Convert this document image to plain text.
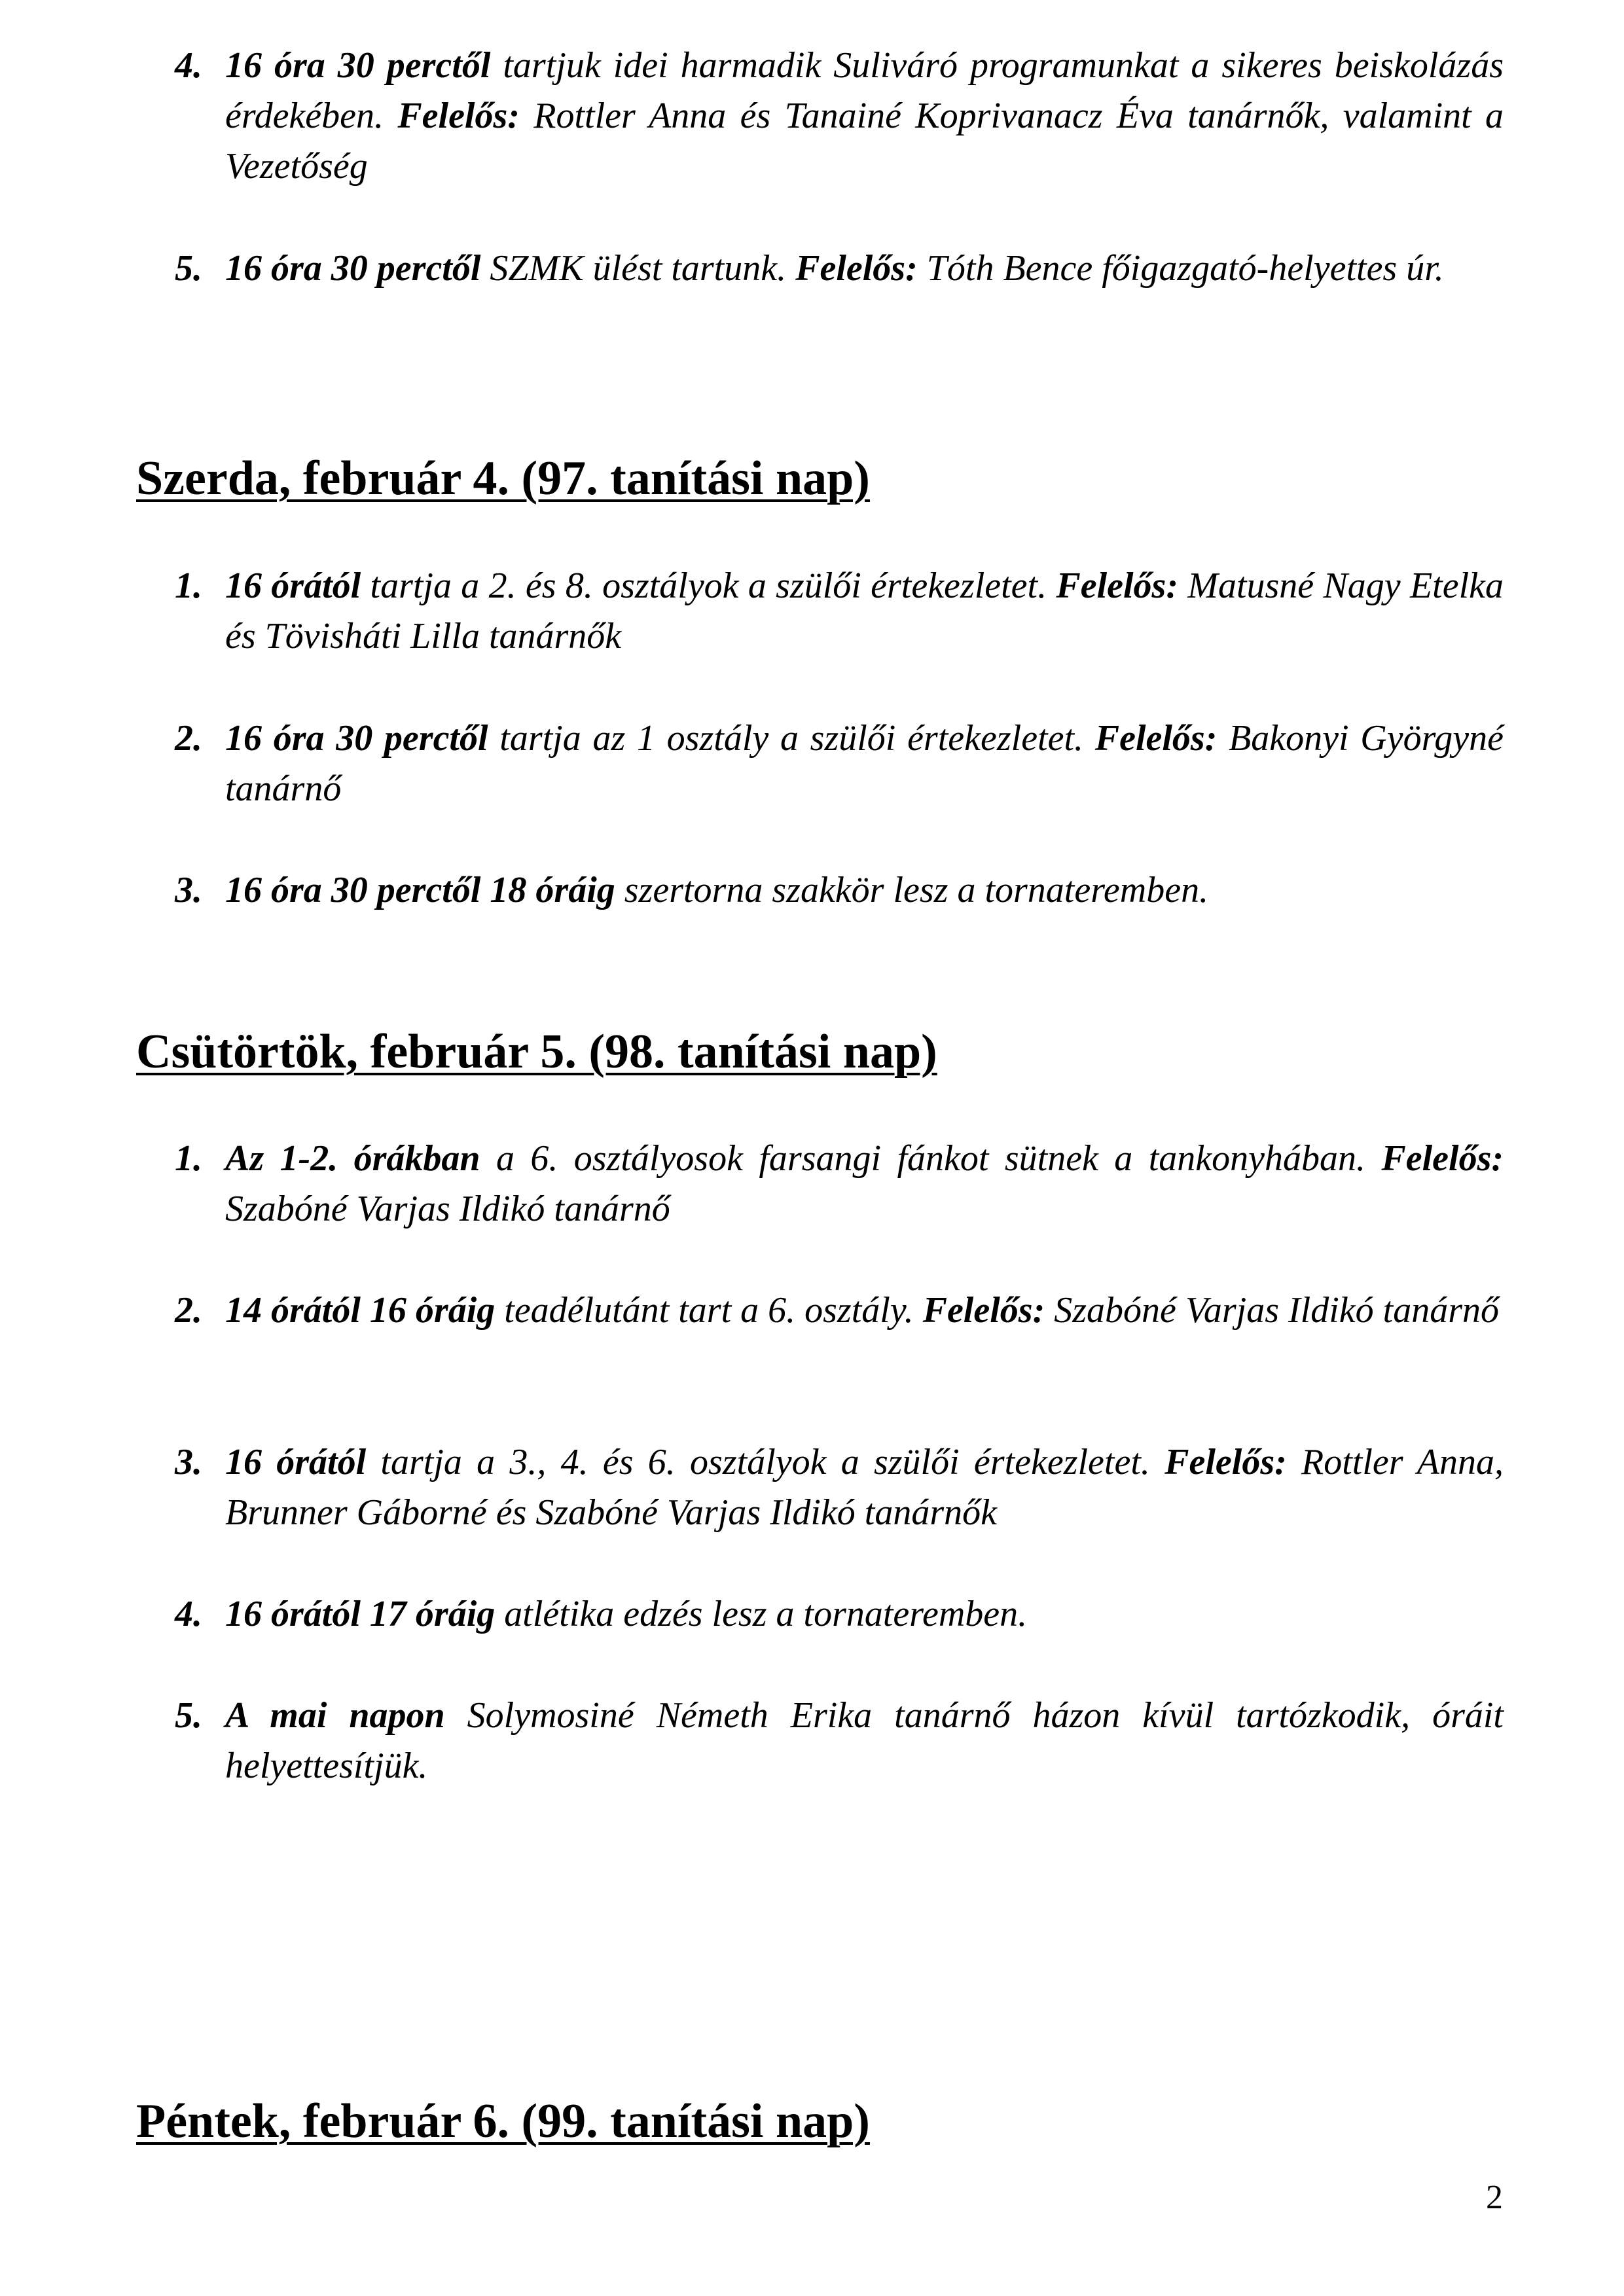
4. 16 óra 30 perctől tartjuk idei harmadik Suliváró programunkat a sikeres beiskolázás érdekében. Felelős: Rottler Anna és Tanainé Koprivanacz Éva tanárnők, valamint a Vezetőség
5. 16 óra 30 perctől SZMK ülést tartunk. Felelős: Tóth Bence főigazgató-helyettes úr.
Szerda, február 4. (97. tanítási nap)
1. 16 órától tartja a 2. és 8. osztályok a szülői értekezletet. Felelős: Matusné Nagy Etelka és Tövisháti Lilla tanárnők
2. 16 óra 30 perctől tartja az 1 osztály a szülői értekezletet. Felelős: Bakonyi Györgyné tanárnő
3. 16 óra 30 perctől 18 óráig szertorna szakkör lesz a tornateremben.
Csütörtök, február 5. (98. tanítási nap)
1. Az 1-2. órákban a 6. osztályosok farsangi fánkot sütnek a tankonyhában. Felelős: Szabóné Varjas Ildikó tanárnő
2. 14 órától 16 óráig teadélutánt tart a 6. osztály. Felelős: Szabóné Varjas Ildikó tanárnő
3. 16 órától tartja a 3., 4. és 6. osztályok a szülői értekezletet. Felelős: Rottler Anna, Brunner Gáborné és Szabóné Varjas Ildikó tanárnők
4. 16 órától 17 óráig atlétika edzés lesz a tornateremben.
5. A mai napon Solymosiné Németh Erika tanárnő házon kívül tartózkodik, óráit helyettesítjük.
Péntek, február 6. (99. tanítási nap)
2
